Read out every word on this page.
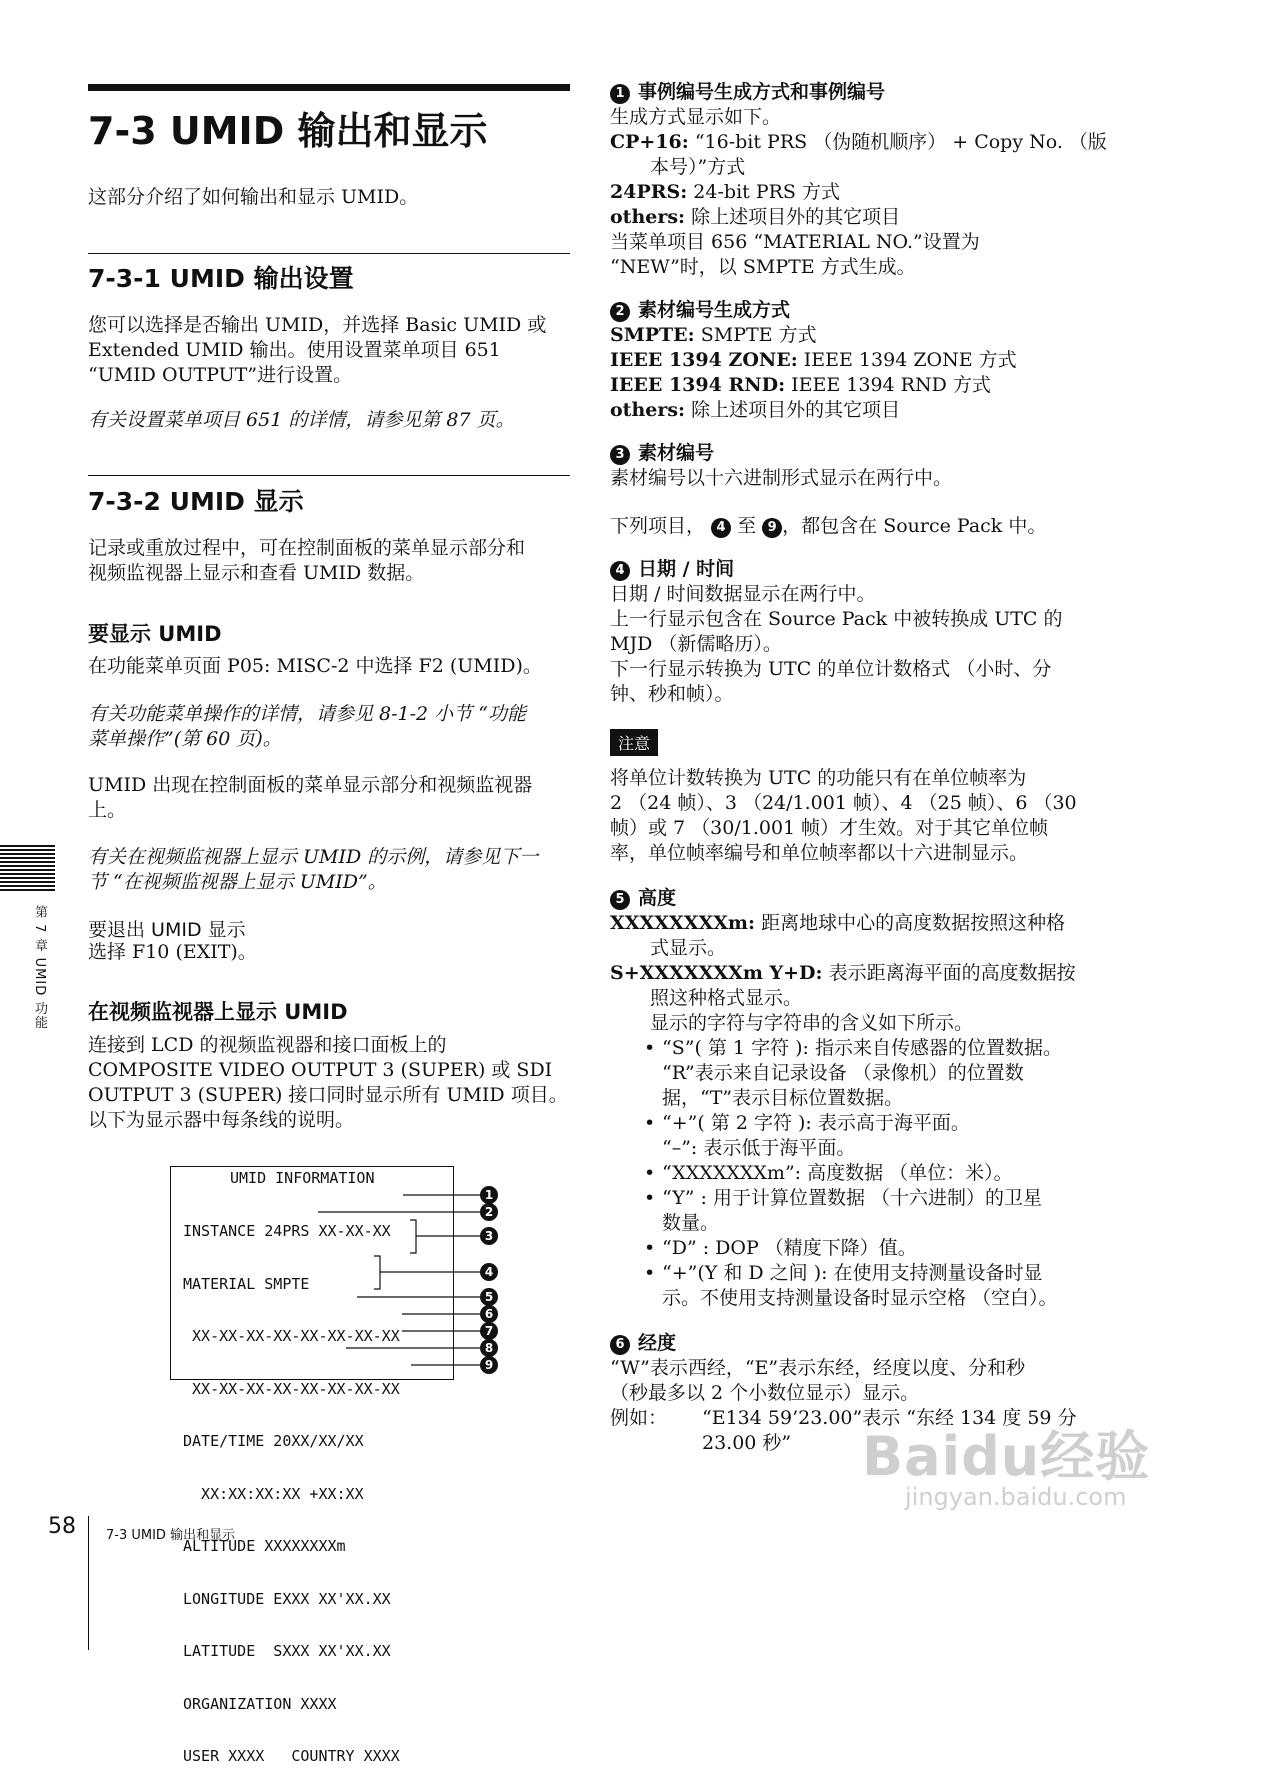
7-3 UMID 输出和显示

这部分介绍了如何输出和显示 UMID。

7-3-1 UMID 输出设置

您可以选择是否输出 UMID，并选择 Basic UMID 或

Extended UMID 输出。使用设置菜单项目 651

“UMID OUTPUT”进行设置。

有关设置菜单项目 651 的详情，请参见第 87 页。

7-3-2 UMID 显示

记录或重放过程中，可在控制面板的菜单显示部分和

视频监视器上显示和查看 UMID 数据。

要显示 UMID

在功能菜单页面 P05: MISC-2 中选择 F2 (UMID)。

有关功能菜单操作的详情，请参见 8-1-2 小节 “功能

菜单操作”(第 60 页)。

UMID 出现在控制面板的菜单显示部分和视频监视器

上。

有关在视频监视器上显示 UMID 的示例，请参见下一

节 “在视频监视器上显示 UMID”。

要退出 UMID 显示

选择 F10 (EXIT)。

在视频监视器上显示 UMID

连接到 LCD 的视频监视器和接口面板上的

COMPOSITE VIDEO OUTPUT 3 (SUPER) 或 SDI

OUTPUT 3 (SUPER) 接口同时显示所有 UMID 项目。

以下为显示器中每条线的说明。

UMID INFORMATION

INSTANCE 24PRS XX-XX-XX

MATERIAL SMPTE

XX-XX-XX-XX-XX-XX-XX-XX

XX-XX-XX-XX-XX-XX-XX-XX

DATE/TIME 20XX/XX/XX

XX:XX:XX:XX +XX:XX

ALTITUDE XXXXXXXXm

LONGITUDE EXXX XX'XX.XX

LATITUDE  SXXX XX'XX.XX

ORGANIZATION XXXX

USER XXXX   COUNTRY XXXX

1
2
3
4
5
6
7
8
9
第 7 章 UMID 功能
58 7-3 UMID 输出和显示
1 事例编号生成方式和事例编号

生成方式显示如下。

CP+16: “16-bit PRS （伪随机顺序） + Copy No. （版

本号）”方式

24PRS: 24-bit PRS 方式

others: 除上述项目外的其它项目

当菜单项目 656 “MATERIAL NO.”设置为

“NEW”时，以 SMPTE 方式生成。

2 素材编号生成方式

SMPTE: SMPTE 方式

IEEE 1394 ZONE: IEEE 1394 ZONE 方式

IEEE 1394 RND: IEEE 1394 RND 方式

others: 除上述项目外的其它项目

3 素材编号

素材编号以十六进制形式显示在两行中。

下列项目， 4 至 9 ，都包含在 Source Pack 中。

4 日期 / 时间

日期 / 时间数据显示在两行中。

上一行显示包含在 Source Pack 中被转换成 UTC 的

MJD （新儒略历）。

下一行显示转换为 UTC 的单位计数格式 （小时、分

钟、秒和帧）。

注意

将单位计数转换为 UTC 的功能只有在单位帧率为

2 （24 帧）、3 （24/1.001 帧）、4 （25 帧）、6 （30

帧）或 7 （30/1.001 帧）才生效。对于其它单位帧

率，单位帧率编号和单位帧率都以十六进制显示。

5 高度

XXXXXXXXm: 距离地球中心的高度数据按照这种格

式显示。

S+XXXXXXXm Y+D: 表示距离海平面的高度数据按

照这种格式显示。

显示的字符与字符串的含义如下所示。

• “S”( 第 1 字符 ): 指示来自传感器的位置数据。
“R”表示来自记录设备 （录像机）的位置数
据，“T”表示目标位置数据。
• “+”( 第 2 字符 ): 表示高于海平面。
“–”: 表示低于海平面。
• “XXXXXXXm”: 高度数据 （单位：米）。
• “Y” : 用于计算位置数据 （十六进制）的卫星
数量。
• “D” : DOP （精度下降）值。
• “+”(Y 和 D 之间 ): 在使用支持测量设备时显
示。不使用支持测量设备时显示空格 （空白）。
6 经度

“W”表示西经，“E”表示东经，经度以度、分和秒

（秒最多以 2 个小数位显示）显示。

例如： “E134 59’23.00”表示 “东经 134 度 59 分

23.00 秒”	Baidu经验
jingyan.baidu.com
